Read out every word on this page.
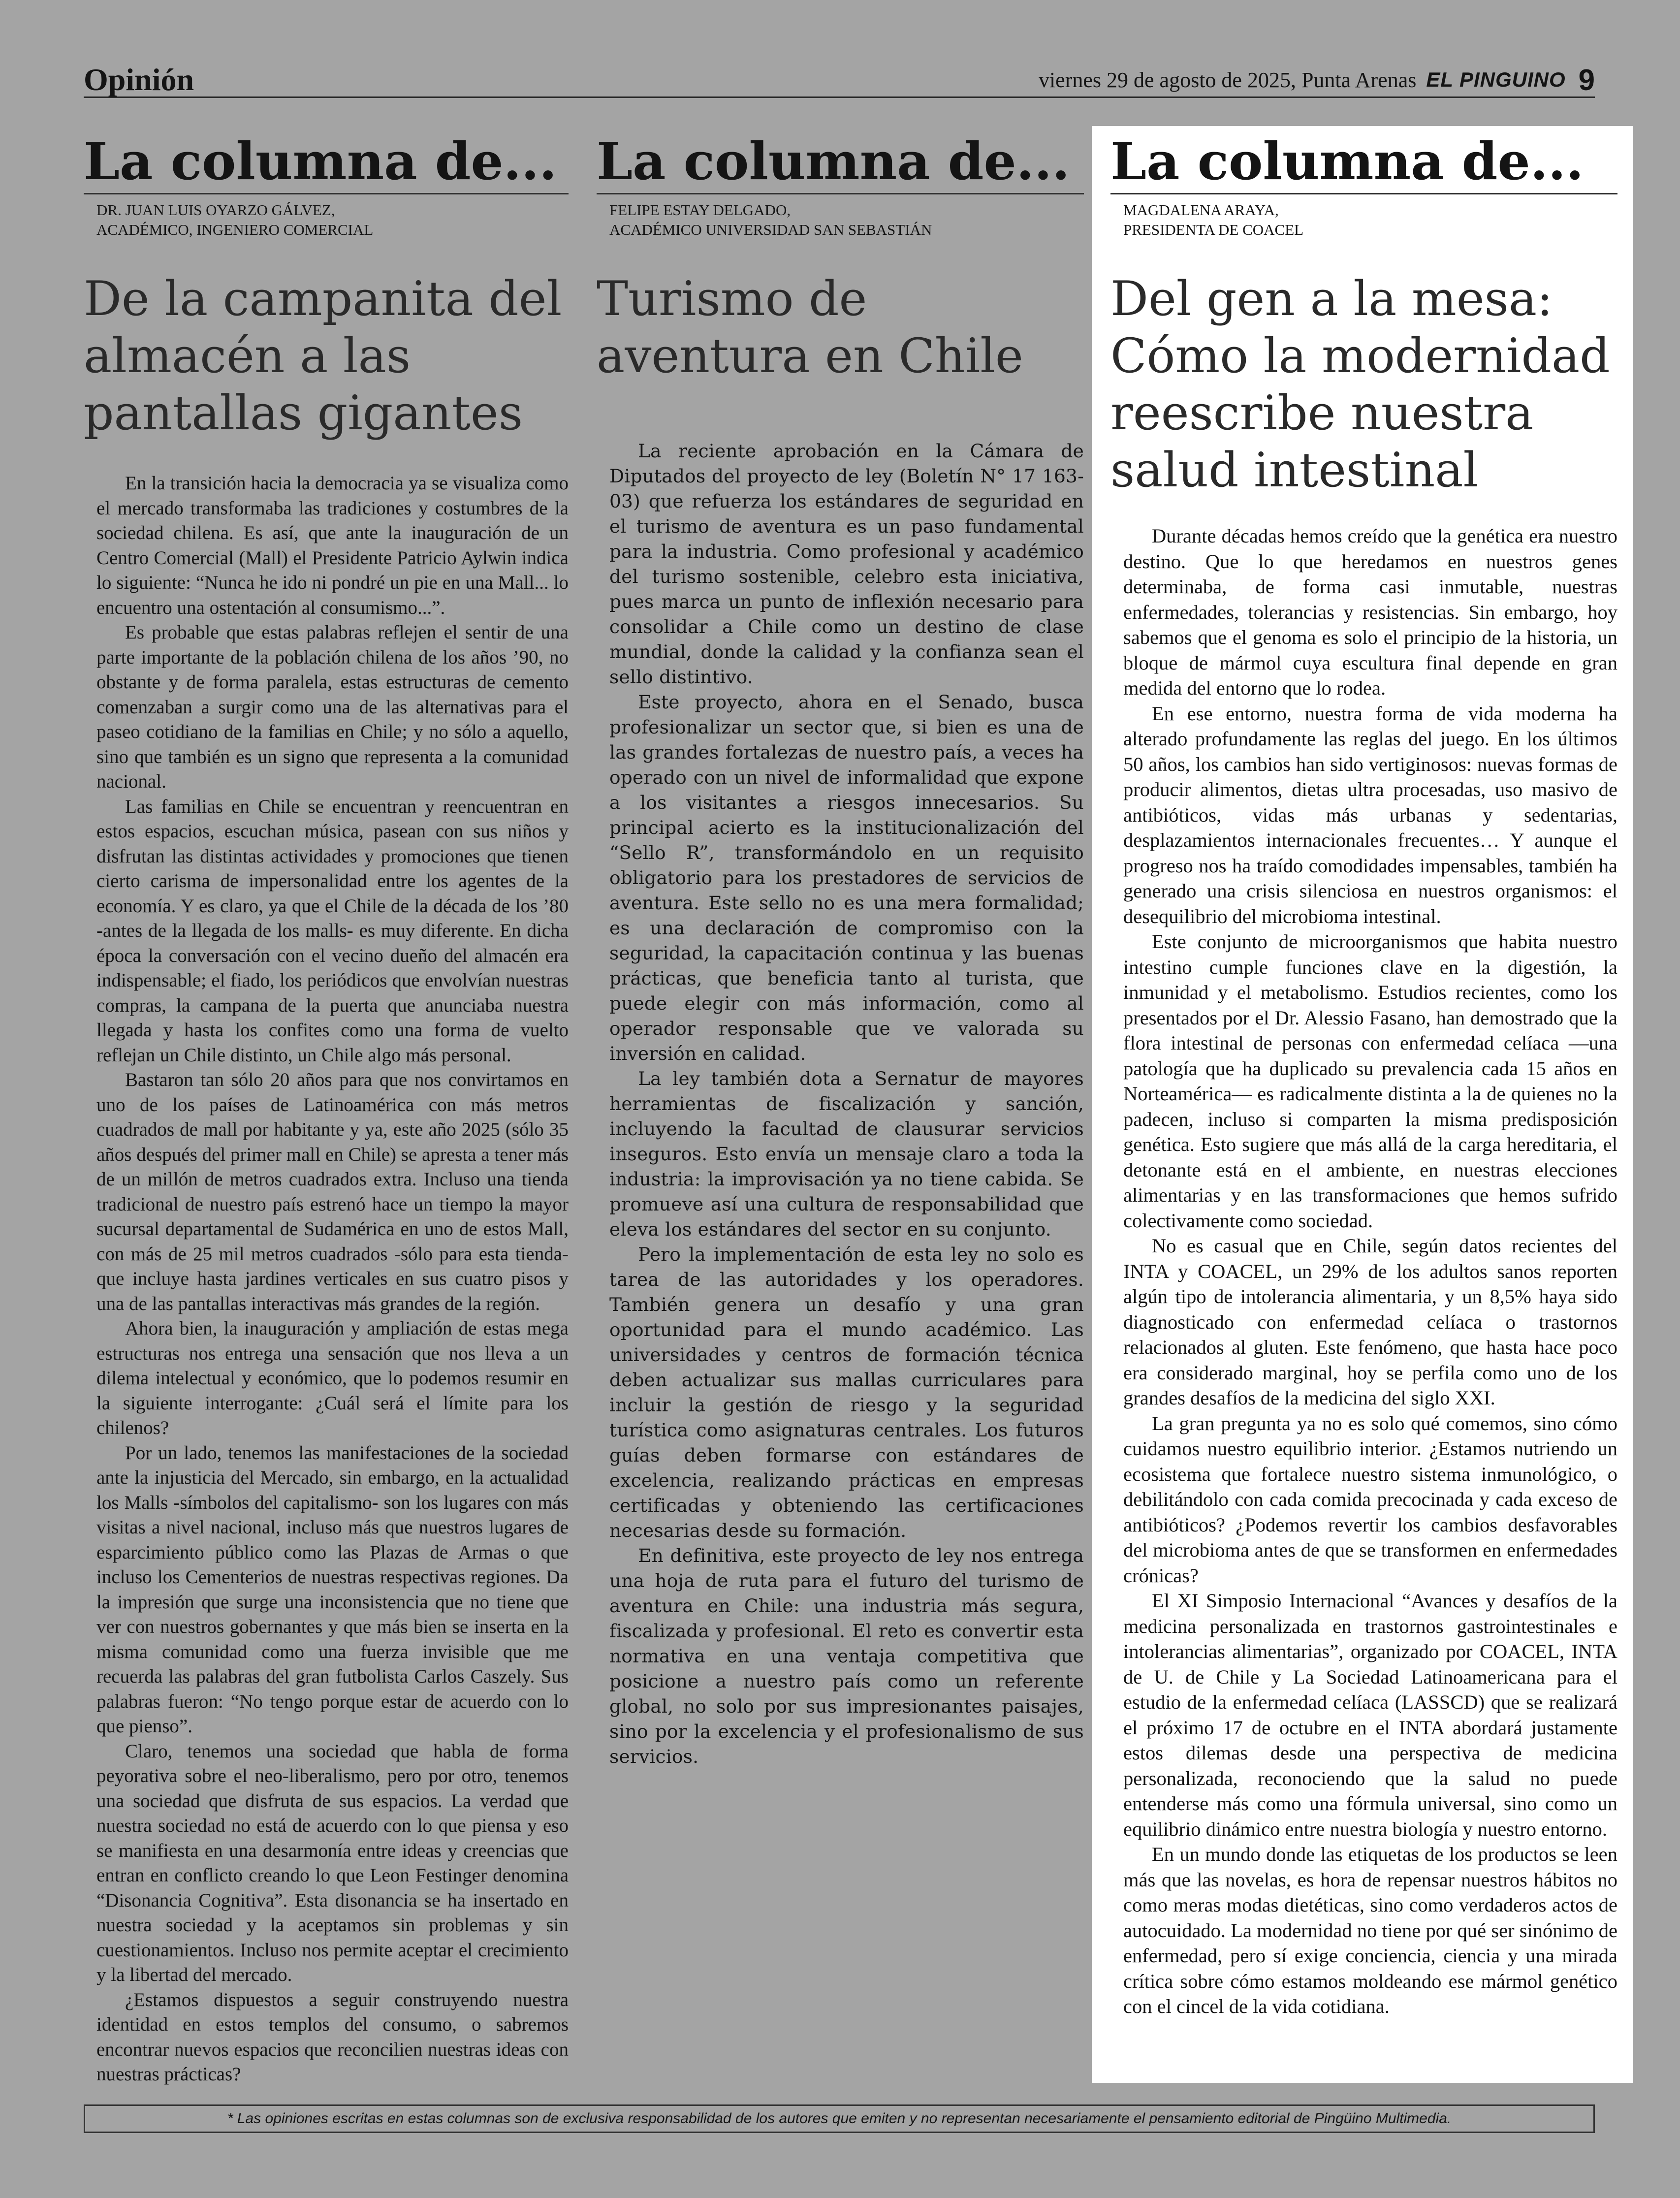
Opinión	viernes 29 de agosto de 2025, Punta Arenas EL PINGUINO 9
La columna de...
DR. JUAN LUIS OYARZO GÁLVEZ,
ACADÉMICO, INGENIERO COMERCIAL
De la campanita del almacén a las pantallas gigantes

En la transición hacia la democracia ya se visualiza como el mercado transformaba las tradiciones y costumbres de la sociedad chilena. Es así, que ante la inauguración de un Centro Comercial (Mall) el Presidente Patricio Aylwin indica lo siguiente: “Nunca he ido ni pondré un pie en una Mall... lo encuentro una ostentación al consumismo...”.

Es probable que estas palabras reflejen el sentir de una parte importante de la población chilena de los años ’90, no obstante y de forma paralela, estas estructuras de cemento comenzaban a surgir como una de las alternativas para el paseo cotidiano de la familias en Chile; y no sólo a aquello, sino que también es un signo que representa a la comunidad nacional.

Las familias en Chile se encuentran y reencuentran en estos espacios, escuchan música, pasean con sus niños y disfrutan las distintas actividades y promociones que tienen cierto carisma de impersonalidad entre los agentes de la economía. Y es claro, ya que el Chile de la década de los ’80 -antes de la llegada de los malls- es muy diferente. En dicha época la conversación con el vecino dueño del almacén era indispensable; el fiado, los periódicos que envolvían nuestras compras, la campana de la puerta que anunciaba nuestra llegada y hasta los confites como una forma de vuelto reflejan un Chile distinto, un Chile algo más personal.

Bastaron tan sólo 20 años para que nos convirtamos en uno de los países de Latinoamérica con más metros cuadrados de mall por habitante y ya, este año 2025 (sólo 35 años después del primer mall en Chile) se apresta a tener más de un millón de metros cuadrados extra. Incluso una tienda tradicional de nuestro país estrenó hace un tiempo la mayor sucursal departamental de Sudamérica en uno de estos Mall, con más de 25 mil metros cuadrados -sólo para esta tienda- que incluye hasta jardines verticales en sus cuatro pisos y una de las pantallas interactivas más grandes de la región.

Ahora bien, la inauguración y ampliación de estas mega estructuras nos entrega una sensación que nos lleva a un dilema intelectual y económico, que lo podemos resumir en la siguiente interrogante: ¿Cuál será el límite para los chilenos?

Por un lado, tenemos las manifestaciones de la sociedad ante la injusticia del Mercado, sin embargo, en la actualidad los Malls -símbolos del capitalismo- son los lugares con más visitas a nivel nacional, incluso más que nuestros lugares de esparcimiento público como las Plazas de Armas o que incluso los Cementerios de nuestras respectivas regiones. Da la impresión que surge una inconsistencia que no tiene que ver con nuestros gobernantes y que más bien se inserta en la misma comunidad como una fuerza invisible que me recuerda las palabras del gran futbolista Carlos Caszely. Sus palabras fueron: “No tengo porque estar de acuerdo con lo que pienso”.

Claro, tenemos una sociedad que habla de forma peyorativa sobre el neo-liberalismo, pero por otro, tenemos una sociedad que disfruta de sus espacios. La verdad que nuestra sociedad no está de acuerdo con lo que piensa y eso se manifiesta en una desarmonía entre ideas y creencias que entran en conflicto creando lo que Leon Festinger denomina “Disonancia Cognitiva”. Esta disonancia se ha insertado en nuestra sociedad y la aceptamos sin problemas y sin cuestionamientos. Incluso nos permite aceptar el crecimiento y la libertad del mercado.

¿Estamos dispuestos a seguir construyendo nuestra identidad en estos templos del consumo, o sabremos encontrar nuevos espacios que reconcilien nuestras ideas con nuestras prácticas?

La columna de...
FELIPE ESTAY DELGADO,
ACADÉMICO UNIVERSIDAD SAN SEBASTIÁN
Turismo de aventura en Chile

La reciente aprobación en la Cámara de Diputados del proyecto de ley (Boletín N° 17 163-03) que refuerza los estándares de seguridad en el turismo de aventura es un paso fundamental para la industria. Como profesional y académico del turismo sostenible, celebro esta iniciativa, pues marca un punto de inflexión necesario para consolidar a Chile como un destino de clase mundial, donde la calidad y la confianza sean el sello distintivo.

Este proyecto, ahora en el Senado, busca profesionalizar un sector que, si bien es una de las grandes fortalezas de nuestro país, a veces ha operado con un nivel de informalidad que expone a los visitantes a riesgos innecesarios. Su principal acierto es la institucionalización del “Sello R”, transformándolo en un requisito obligatorio para los prestadores de servicios de aventura. Este sello no es una mera formalidad; es una declaración de compromiso con la seguridad, la capacitación continua y las buenas prácticas, que beneficia tanto al turista, que puede elegir con más información, como al operador responsable que ve valorada su inversión en calidad.

La ley también dota a Sernatur de mayores herramientas de fiscalización y sanción, incluyendo la facultad de clausurar servicios inseguros. Esto envía un mensaje claro a toda la industria: la improvisación ya no tiene cabida. Se promueve así una cultura de responsabilidad que eleva los estándares del sector en su conjunto.

Pero la implementación de esta ley no solo es tarea de las autoridades y los operadores. También genera un desafío y una gran oportunidad para el mundo académico. Las universidades y centros de formación técnica deben actualizar sus mallas curriculares para incluir la gestión de riesgo y la seguridad turística como asignaturas centrales. Los futuros guías deben formarse con estándares de excelencia, realizando prácticas en empresas certificadas y obteniendo las certificaciones necesarias desde su formación.

En definitiva, este proyecto de ley nos entrega una hoja de ruta para el futuro del turismo de aventura en Chile: una industria más segura, fiscalizada y profesional. El reto es convertir esta normativa en una ventaja competitiva que posicione a nuestro país como un referente global, no solo por sus impresionantes paisajes, sino por la excelencia y el profesionalismo de sus servicios.

La columna de...
MAGDALENA ARAYA,
PRESIDENTA DE COACEL
Del gen a la mesa: Cómo la modernidad reescribe nuestra salud intestinal

Durante décadas hemos creído que la genética era nuestro destino. Que lo que heredamos en nuestros genes determinaba, de forma casi inmutable, nuestras enfermedades, tolerancias y resistencias. Sin embargo, hoy sabemos que el genoma es solo el principio de la historia, un bloque de mármol cuya escultura final depende en gran medida del entorno que lo rodea.

En ese entorno, nuestra forma de vida moderna ha alterado profundamente las reglas del juego. En los últimos 50 años, los cambios han sido vertiginosos: nuevas formas de producir alimentos, dietas ultra procesadas, uso masivo de antibióticos, vidas más urbanas y sedentarias, desplazamientos internacionales frecuentes… Y aunque el progreso nos ha traído comodidades impensables, también ha generado una crisis silenciosa en nuestros organismos: el desequilibrio del microbioma intestinal.

Este conjunto de microorganismos que habita nuestro intestino cumple funciones clave en la digestión, la inmunidad y el metabolismo. Estudios recientes, como los presentados por el Dr. Alessio Fasano, han demostrado que la flora intestinal de personas con enfermedad celíaca —una patología que ha duplicado su prevalencia cada 15 años en Norteamérica— es radicalmente distinta a la de quienes no la padecen, incluso si comparten la misma predisposición genética. Esto sugiere que más allá de la carga hereditaria, el detonante está en el ambiente, en nuestras elecciones alimentarias y en las transformaciones que hemos sufrido colectivamente como sociedad.

No es casual que en Chile, según datos recientes del INTA y COACEL, un 29% de los adultos sanos reporten algún tipo de intolerancia alimentaria, y un 8,5% haya sido diagnosticado con enfermedad celíaca o trastornos relacionados al gluten. Este fenómeno, que hasta hace poco era considerado marginal, hoy se perfila como uno de los grandes desafíos de la medicina del siglo XXI.

La gran pregunta ya no es solo qué comemos, sino cómo cuidamos nuestro equilibrio interior. ¿Estamos nutriendo un ecosistema que fortalece nuestro sistema inmunológico, o debilitándolo con cada comida precocinada y cada exceso de antibióticos? ¿Podemos revertir los cambios desfavorables del microbioma antes de que se transformen en enfermedades crónicas?

El XI Simposio Internacional “Avances y desafíos de la medicina personalizada en trastornos gastrointestinales e intolerancias alimentarias”, organizado por COACEL, INTA de U. de Chile y La Sociedad Latinoamericana para el estudio de la enfermedad celíaca (LASSCD) que se realizará el próximo 17 de octubre en el INTA abordará justamente estos dilemas desde una perspectiva de medicina personalizada, reconociendo que la salud no puede entenderse más como una fórmula universal, sino como un equilibrio dinámico entre nuestra biología y nuestro entorno.

En un mundo donde las etiquetas de los productos se leen más que las novelas, es hora de repensar nuestros hábitos no como meras modas dietéticas, sino como verdaderos actos de autocuidado. La modernidad no tiene por qué ser sinónimo de enfermedad, pero sí exige conciencia, ciencia y una mirada crítica sobre cómo estamos moldeando ese mármol genético con el cincel de la vida cotidiana.

* Las opiniones escritas en estas columnas son de exclusiva responsabilidad de los autores que emiten y no representan necesariamente el pensamiento editorial de Pingüino Multimedia.
